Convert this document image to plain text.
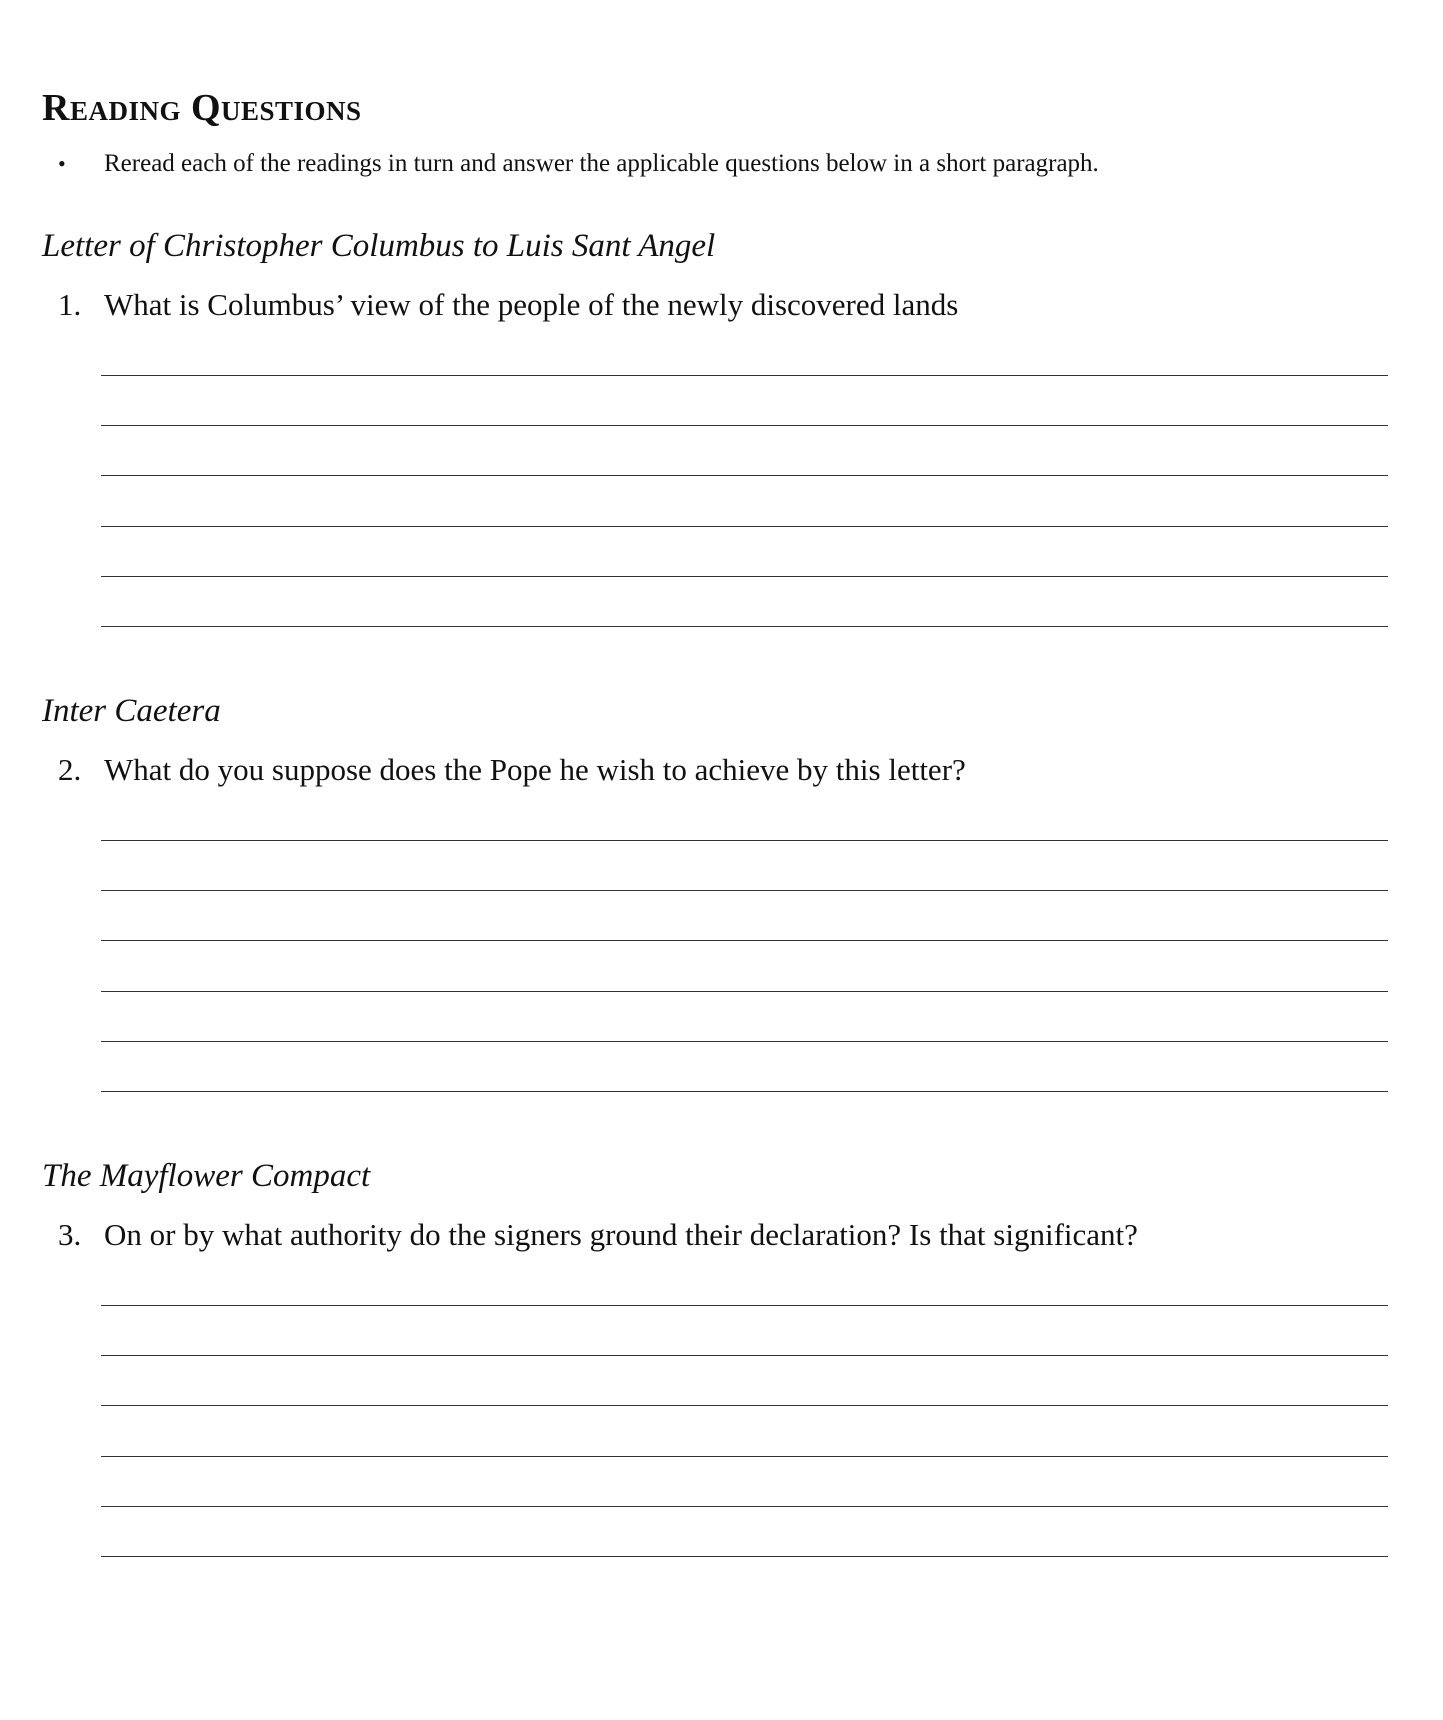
Reading Questions
• Reread each of the readings in turn and answer the applicable questions below in a short paragraph.
Letter of Christopher Columbus to Luis Sant Angel
1. What is Columbus’ view of the people of the newly discovered lands
Inter Caetera
2. What do you suppose does the Pope he wish to achieve by this letter?
The Mayflower Compact
3. On or by what authority do the signers ground their declaration? Is that significant?
